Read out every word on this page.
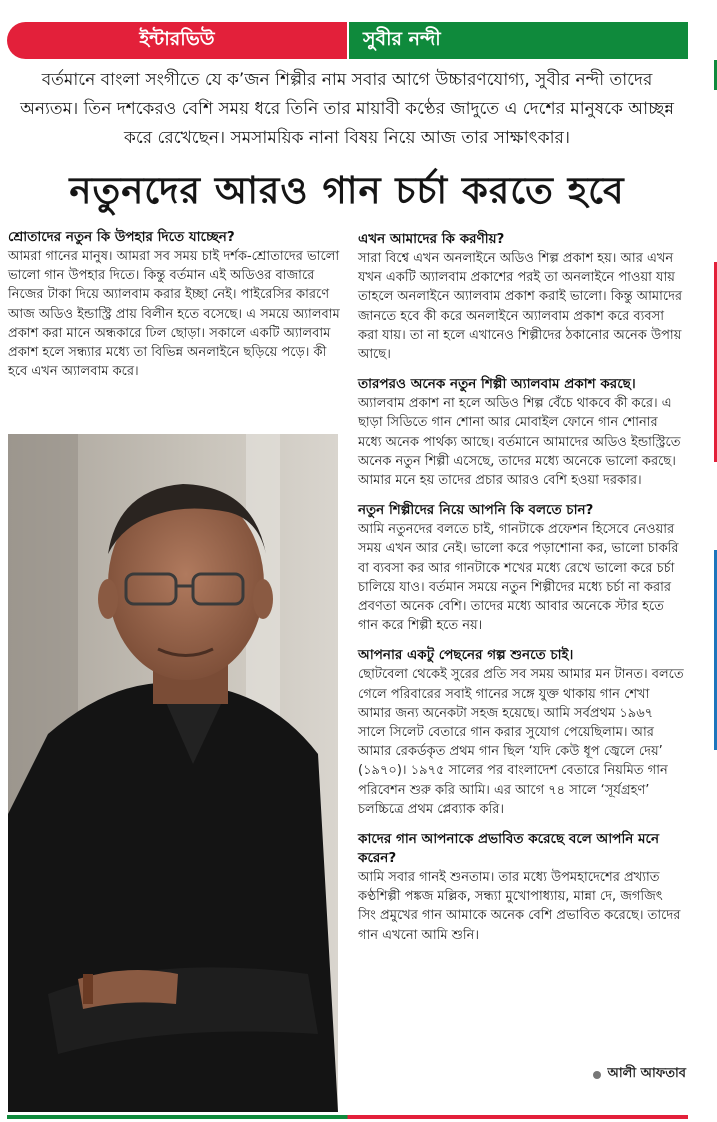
ইন্টারভিউ	সুবীর নন্দী

বর্তমানে বাংলা সংগীতে যে ক’জন শিল্পীর নাম সবার আগে উচ্চারণযোগ্য, সুবীর নন্দী তাদের অন্যতম। তিন দশকেরও বেশি সময় ধরে তিনি তার মায়াবী কণ্ঠের জাদুতে এ দেশের মানুষকে আচ্ছন্ন করে রেখেছেন। সমসাময়িক নানা বিষয় নিয়ে আজ তার সাক্ষাৎকার।

নতুনদের আরও গান চর্চা করতে হবে

শ্রোতাদের নতুন কি উপহার দিতে যাচ্ছেন?

আমরা গানের মানুষ। আমরা সব সময় চাই দর্শক-শ্রোতাদের ভালো ভালো গান উপহার দিতে। কিন্তু বর্তমান এই অডিওর বাজারে নিজের টাকা দিয়ে অ্যালবাম করার ইচ্ছা নেই। পাইরেসির কারণে আজ অডিও ইন্ডাস্ট্রি প্রায় বিলীন হতে বসেছে। এ সময়ে অ্যালবাম প্রকাশ করা মানে অন্ধকারে ঢিল ছোড়া। সকালে একটি অ্যালবাম প্রকাশ হলে সন্ধ্যার মধ্যে তা বিভিন্ন অনলাইনে ছড়িয়ে পড়ে। কী হবে এখন অ্যালবাম করে।

এখন আমাদের কি করণীয়?

সারা বিশ্বে এখন অনলাইনে অডিও শিল্প প্রকাশ হয়। আর এখন যখন একটি অ্যালবাম প্রকাশের পরই তা অনলাইনে পাওয়া যায় তাহলে অনলাইনে অ্যালবাম প্রকাশ করাই ভালো। কিন্তু আমাদের জানতে হবে কী করে অনলাইনে অ্যালবাম প্রকাশ করে ব্যবসা করা যায়। তা না হলে এখানেও শিল্পীদের ঠকানোর অনেক উপায় আছে।

তারপরও অনেক নতুন শিল্পী অ্যালবাম প্রকাশ করছে।

অ্যালবাম প্রকাশ না হলে অডিও শিল্প বেঁচে থাকবে কী করে। এ ছাড়া সিডিতে গান শোনা আর মোবাইল ফোনে গান শোনার মধ্যে অনেক পার্থক্য আছে। বর্তমানে আমাদের অডিও ইন্ডাস্ট্রিতে অনেক নতুন শিল্পী এসেছে, তাদের মধ্যে অনেকে ভালো করছে। আমার মনে হয় তাদের প্রচার আরও বেশি হওয়া দরকার।

নতুন শিল্পীদের নিয়ে আপনি কি বলতে চান?

আমি নতুনদের বলতে চাই, গানটাকে প্রফেশন হিসেবে নেওয়ার সময় এখন আর নেই। ভালো করে পড়াশোনা কর, ভালো চাকরি বা ব্যবসা কর আর গানটাকে শখের মধ্যে রেখে ভালো করে চর্চা চালিয়ে যাও। বর্তমান সময়ে নতুন শিল্পীদের মধ্যে চর্চা না করার প্রবণতা অনেক বেশি। তাদের মধ্যে আবার অনেকে স্টার হতে গান করে শিল্পী হতে নয়।

আপনার একটু পেছনের গল্প শুনতে চাই।

ছোটবেলা থেকেই সুরের প্রতি সব সময় আমার মন টানত। বলতে গেলে পরিবারের সবাই গানের সঙ্গে যুক্ত থাকায় গান শেখা আমার জন্য অনেকটা সহজ হয়েছে। আমি সর্বপ্রথম ১৯৬৭ সালে সিলেট বেতারে গান করার সুযোগ পেয়েছিলাম। আর আমার রেকর্ডকৃত প্রথম গান ছিল ‘যদি কেউ ধূপ জ্বেলে দেয়’ (১৯৭০)। ১৯৭৫ সালের পর বাংলাদেশ বেতারে নিয়মিত গান পরিবেশন শুরু করি আমি। এর আগে ৭৪ সালে ‘সূর্যগ্রহণ’ চলচ্চিত্রে প্রথম প্লেব্যাক করি।

কাদের গান আপনাকে প্রভাবিত করেছে বলে আপনি মনে করেন?

আমি সবার গানই শুনতাম। তার মধ্যে উপমহাদেশের প্রখ্যাত কণ্ঠশিল্পী পঙ্কজ মল্লিক, সন্ধ্যা মুখোপাধ্যায়, মান্না দে, জগজিৎ সিং প্রমুখের গান আমাকে অনেক বেশি প্রভাবিত করেছে। তাদের গান এখনো আমি শুনি।

আলী আফতাব
